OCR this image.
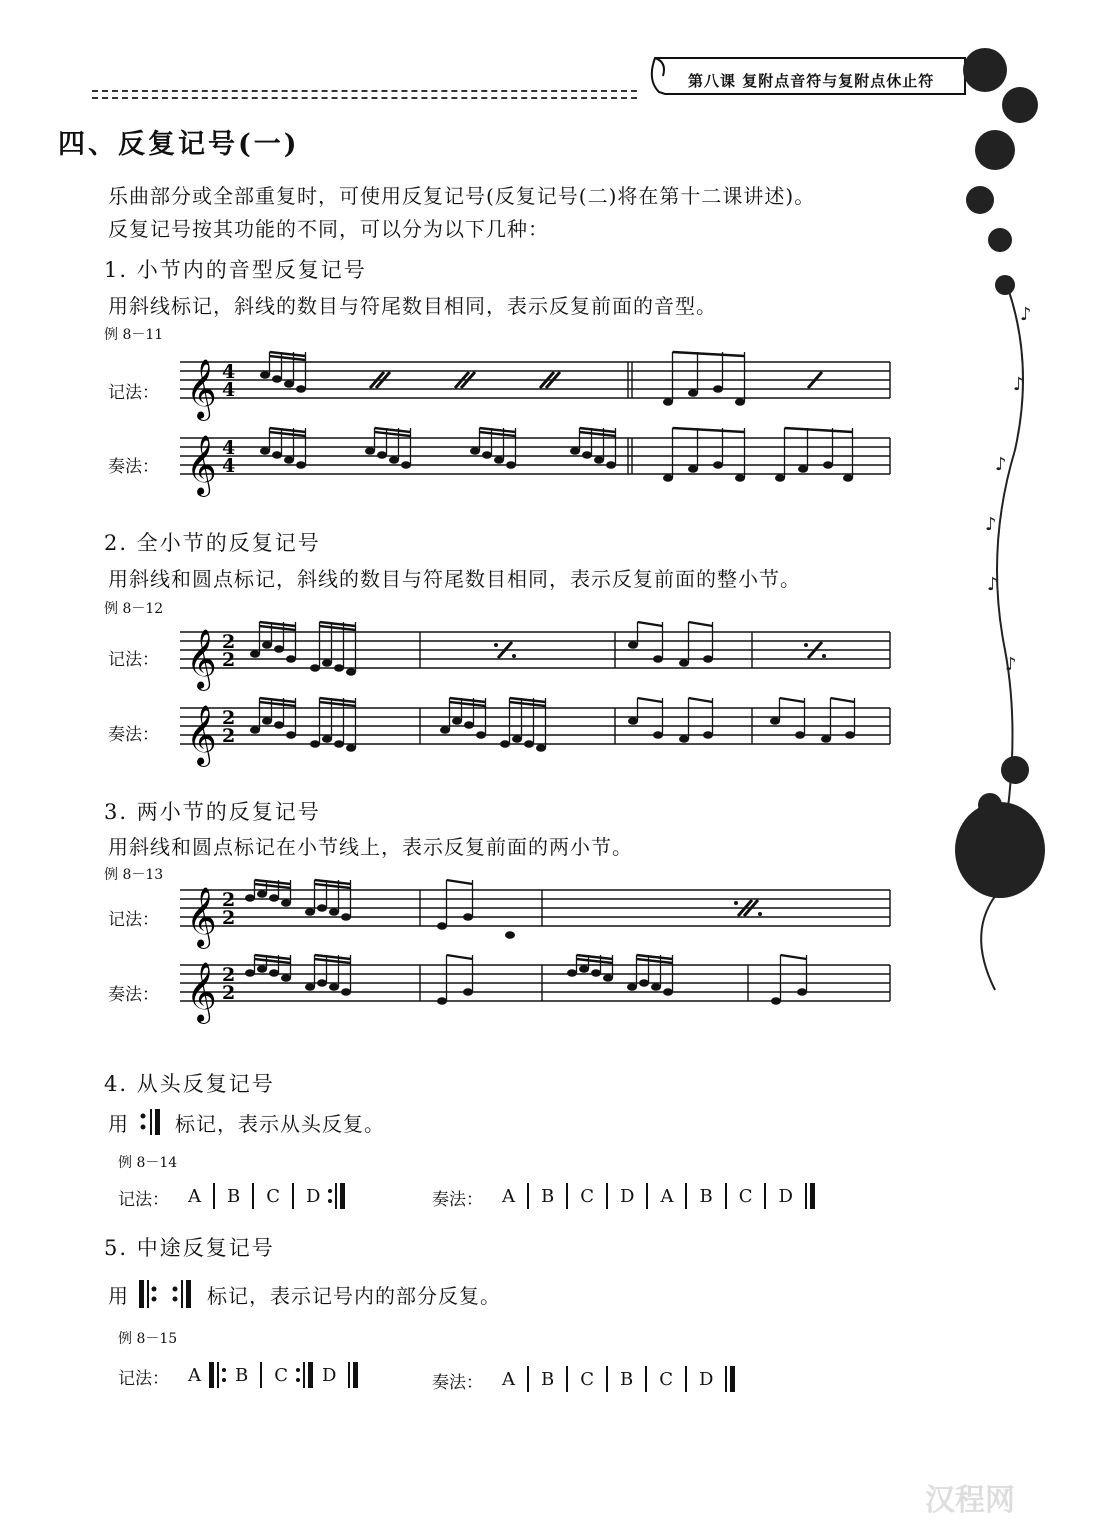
第八课 复附点音符与复附点休止符
♪
♪
♪
♪
♪
♪
四、反复记号(一)
乐曲部分或全部重复时，可使用反复记号(反复记号(二)将在第十二课讲述)。
反复记号按其功能的不同，可以分为以下几种：
1. 小节内的音型反复记号
用斜线标记，斜线的数目与符尾数目相同，表示反复前面的音型。
例 8－11
记法：
奏法：
2. 全小节的反复记号
用斜线和圆点标记，斜线的数目与符尾数目相同，表示反复前面的整小节。
例 8－12
记法：
奏法：
3. 两小节的反复记号
用斜线和圆点标记在小节线上，表示反复前面的两小节。
例 8－13
记法：
奏法：
𝄞 4
4
𝄞 4
4
𝄞 2
2
𝄞 2
2
𝄞 2
2
𝄞 2
2
4. 从头反复记号
用 标记，表示从头反复。
例 8－14
记法： A B C D	奏法： A B C D A B C D
5. 中途反复记号
用	标记，表示记号内的部分反复。
例 8－15
记法： A B C D	奏法： A B C B C D
汉程网
